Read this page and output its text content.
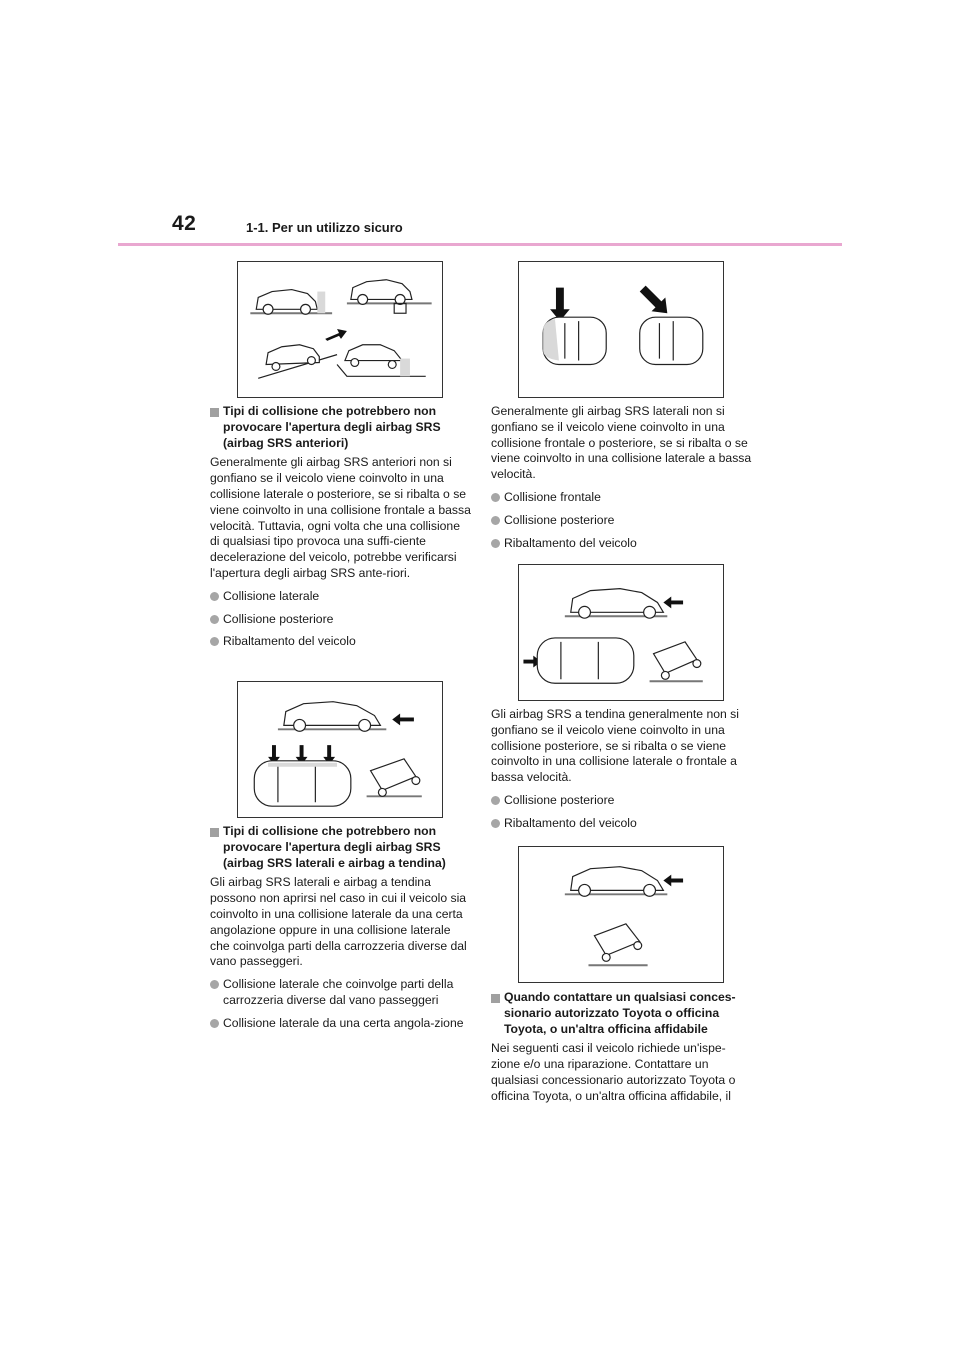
42	1-1. Per un utilizzo sicuro
Tipi di collisione che potrebbero non provocare l'apertura degli airbag SRS (airbag SRS anteriori)
Generalmente gli airbag SRS anteriori non si gonfiano se il veicolo viene coinvolto in una collisione laterale o posteriore, se si ribalta o se viene coinvolto in una collisione frontale a bassa velocità. Tuttavia, ogni volta che una collisione di qualsiasi tipo provoca una suffi-ciente decelerazione del veicolo, potrebbe verificarsi l'apertura degli airbag SRS ante-riori.
Collisione laterale
Collisione posteriore
Ribaltamento del veicolo
Tipi di collisione che potrebbero non provocare l'apertura degli airbag SRS (airbag SRS laterali e airbag a tendina)
Gli airbag SRS laterali e airbag a tendina possono non aprirsi nel caso in cui il veicolo sia coinvolto in una collisione laterale da una certa angolazione oppure in una collisione laterale che coinvolga parti della carrozzeria diverse dal vano passeggeri.
Collisione laterale che coinvolge parti della carrozzeria diverse dal vano passeggeri
Collisione laterale da una certa angola-zione
Generalmente gli airbag SRS laterali non si gonfiano se il veicolo viene coinvolto in una collisione frontale o posteriore, se si ribalta o se viene coinvolto in una collisione laterale a bassa velocità.
Collisione frontale
Collisione posteriore
Ribaltamento del veicolo
Gli airbag SRS a tendina generalmente non si gonfiano se il veicolo viene coinvolto in una collisione posteriore, se si ribalta o se viene coinvolto in una collisione laterale o frontale a bassa velocità.
Collisione posteriore
Ribaltamento del veicolo
Quando contattare un qualsiasi conces-sionario autorizzato Toyota o officina Toyota, o un'altra officina affidabile
Nei seguenti casi il veicolo richiede un'ispe-zione e/o una riparazione. Contattare un qualsiasi concessionario autorizzato Toyota o officina Toyota, o un'altra officina affidabile, il
